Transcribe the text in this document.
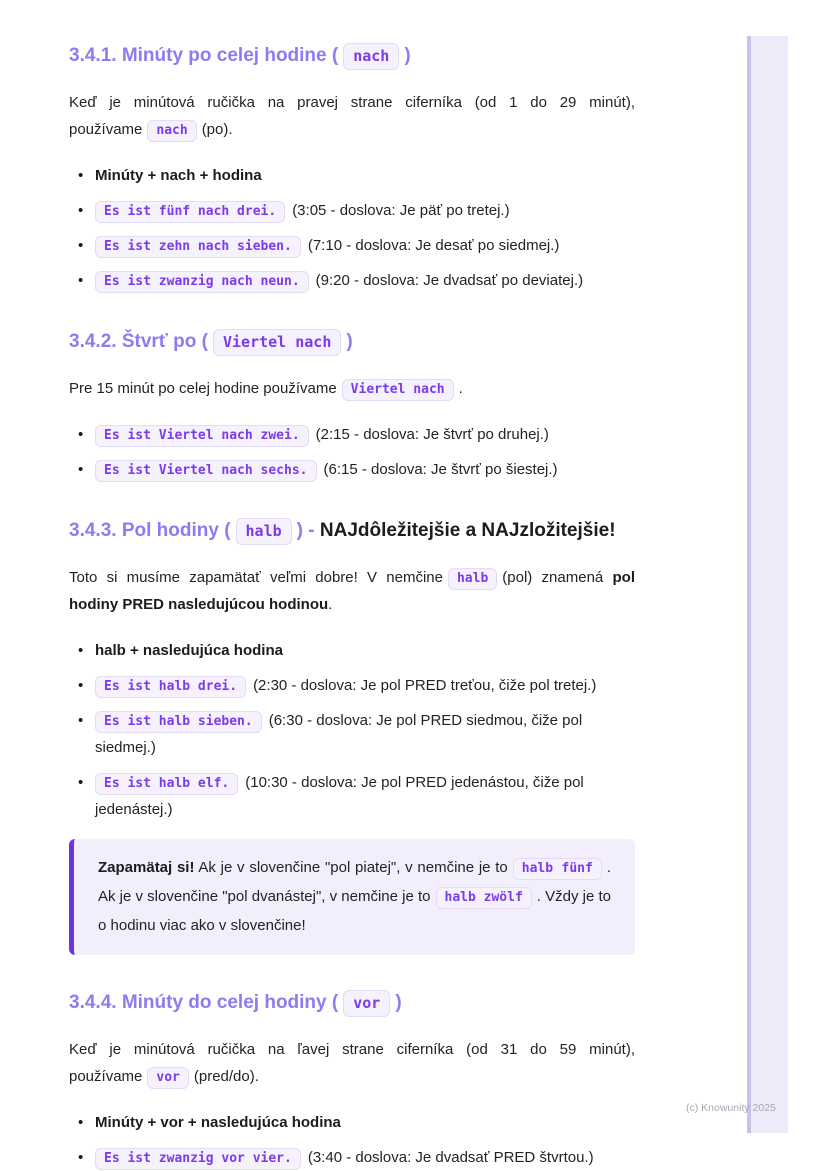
(c) Knowunity 2025
3.4.1. Minúty po celej hodine ( nach )

Keď je minútová ručička na pravej strane ciferníka (od 1 do 29 minút), používame nach (po).

• Minúty + nach + hodina
• Es ist fünf nach drei. (3:05 - doslova: Je päť po tretej.)
• Es ist zehn nach sieben. (7:10 - doslova: Je desať po siedmej.)
• Es ist zwanzig nach neun. (9:20 - doslova: Je dvadsať po deviatej.)
3.4.2. Štvrť po ( Viertel nach )

Pre 15 minút po celej hodine používame Viertel nach .

• Es ist Viertel nach zwei. (2:15 - doslova: Je štvrť po druhej.)
• Es ist Viertel nach sechs. (6:15 - doslova: Je štvrť po šiestej.)
3.4.3. Pol hodiny ( halb ) - NAJdôležitejšie a NAJzložitejšie!

Toto si musíme zapamätať veľmi dobre! V nemčine halb (pol) znamená pol hodiny PRED nasledujúcou hodinou.

• halb + nasledujúca hodina
• Es ist halb drei. (2:30 - doslova: Je pol PRED treťou, čiže pol tretej.)
• Es ist halb sieben. (6:30 - doslova: Je pol PRED siedmou, čiže pol siedmej.)
• Es ist halb elf. (10:30 - doslova: Je pol PRED jedenástou, čiže pol jedenástej.)
Zapamätaj si! Ak je v slovenčine "pol piatej", v nemčine je to halb fünf . Ak je v slovenčine "pol dvanástej", v nemčine je to halb zwölf . Vždy je to o hodinu viac ako v slovenčine!
3.4.4. Minúty do celej hodiny ( vor )

Keď je minútová ručička na ľavej strane ciferníka (od 31 do 59 minút), používame vor (pred/do).

• Minúty + vor + nasledujúca hodina
• Es ist zwanzig vor vier. (3:40 - doslova: Je dvadsať PRED štvrtou.)
